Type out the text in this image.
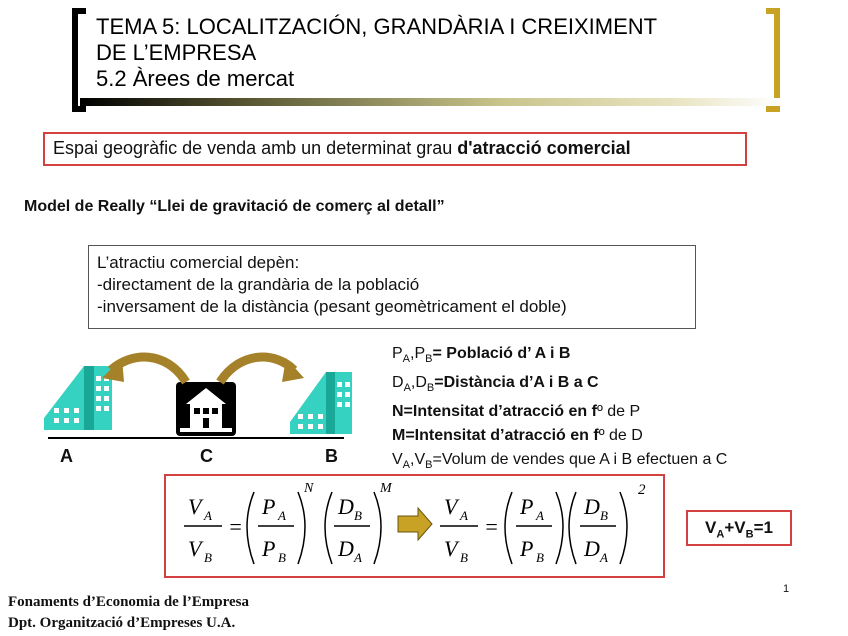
TEMA 5: LOCALITZACIÓN, GRANDÀRIA I CREIXIMENT
DE L’EMPRESA
5.2 Àrees de mercat
Espai geogràfic de venda amb un determinat grau d'atracció comercial
Model de Really “Llei de gravitació de comerç al detall”
L’atractiu comercial depèn:
-directament de la grandària de la població
-inversament de la distància (pesant geomètricament el doble)
A	C	B
$P_A,P_B=$ Població d’ A i B
$D_A,D_B=Distància$ d’A i B a C
N=Intensitat d’atracció en fº de P
M=Intensitat d’atracció en fº de D
$V_A,V_B=Volum$ de vendes que A i B efectuen a C
V A
V B
=
P A
P B
N
D B
D A
M
V A
V B
=
P A
P B
D B
D A
2
$V_A+V_B=1$
1
Fonaments d’Economia de l’Empresa
Dpt. Organització d’Empreses U.A.
